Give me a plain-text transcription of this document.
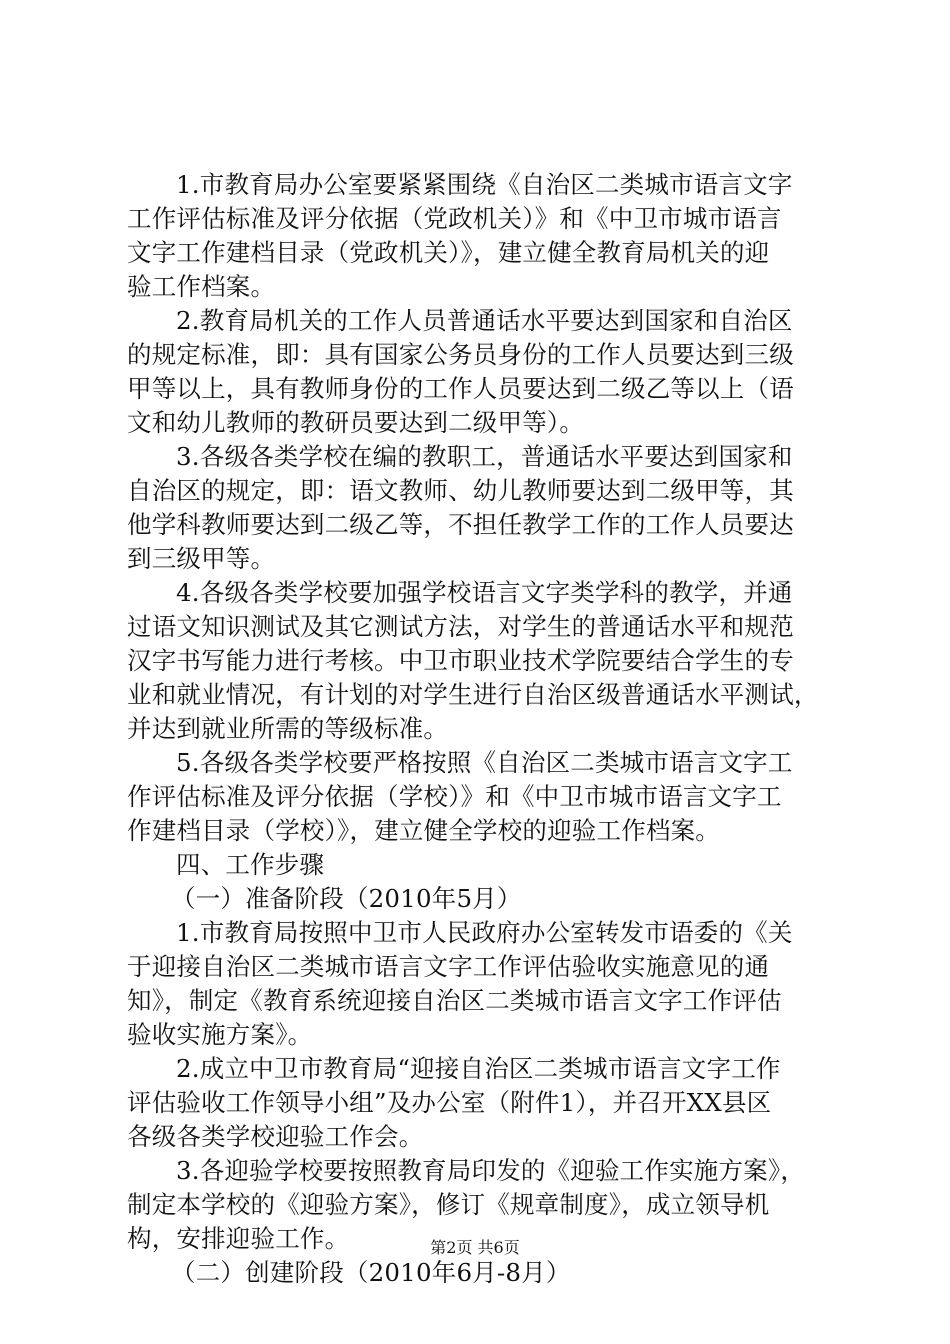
1.市教育局办公室要紧紧围绕《自治区二类城市语言文字
工作评估标准及评分依据（党政机关）》和《中卫市城市语言
文字工作建档目录（党政机关）》，建立健全教育局机关的迎
验工作档案。
2.教育局机关的工作人员普通话水平要达到国家和自治区
的规定标准，即：具有国家公务员身份的工作人员要达到三级
甲等以上，具有教师身份的工作人员要达到二级乙等以上（语
文和幼儿教师的教研员要达到二级甲等）。
3.各级各类学校在编的教职工，普通话水平要达到国家和
自治区的规定，即：语文教师、幼儿教师要达到二级甲等，其
他学科教师要达到二级乙等，不担任教学工作的工作人员要达
到三级甲等。
4.各级各类学校要加强学校语言文字类学科的教学，并通
过语文知识测试及其它测试方法，对学生的普通话水平和规范
汉字书写能力进行考核。中卫市职业技术学院要结合学生的专
业和就业情况，有计划的对学生进行自治区级普通话水平测试，
并达到就业所需的等级标准。
5.各级各类学校要严格按照《自治区二类城市语言文字工
作评估标准及评分依据（学校）》和《中卫市城市语言文字工
作建档目录（学校）》，建立健全学校的迎验工作档案。
四、工作步骤
（一）准备阶段（2010年5月）
1.市教育局按照中卫市人民政府办公室转发市语委的《关
于迎接自治区二类城市语言文字工作评估验收实施意见的通
知》，制定《教育系统迎接自治区二类城市语言文字工作评估
验收实施方案》。
2.成立中卫市教育局“迎接自治区二类城市语言文字工作
评估验收工作领导小组”及办公室（附件1），并召开XX县区
各级各类学校迎验工作会。
3.各迎验学校要按照教育局印发的《迎验工作实施方案》，
制定本学校的《迎验方案》，修订《规章制度》，成立领导机
构，安排迎验工作。
（二）创建阶段（2010年6月-8月）
第2页 共6页
